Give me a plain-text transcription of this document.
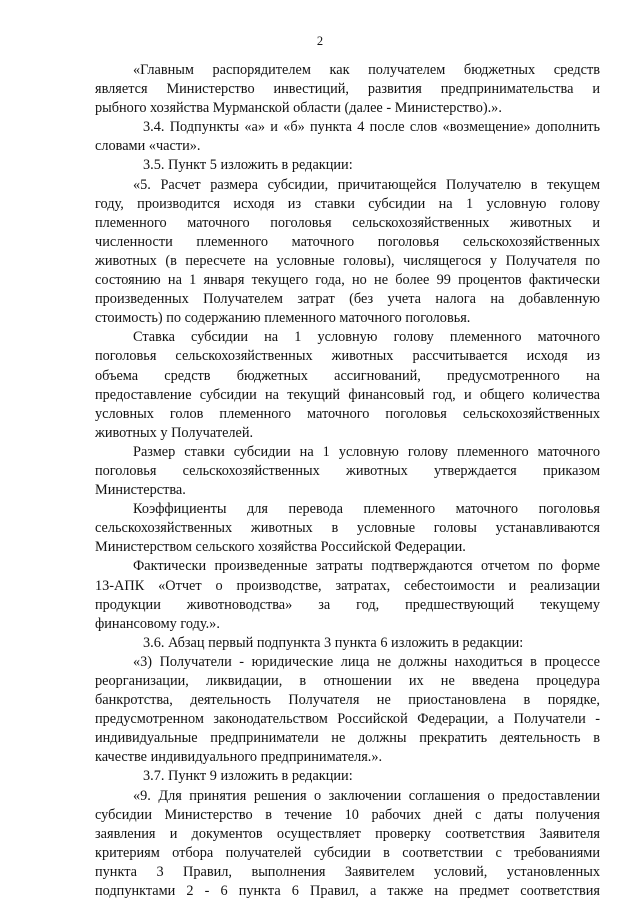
2
«Главным распорядителем как получателем бюджетных средств
является Министерство инвестиций, развития предпринимательства и
рыбного хозяйства Мурманской области (далее - Министерство).».
3.4. Подпункты «а» и «б» пункта 4 после слов «возмещение» дополнить
словами «части».
3.5. Пункт 5 изложить в редакции:
«5. Расчет размера субсидии, причитающейся Получателю в текущем
году, производится исходя из ставки субсидии на 1 условную голову
племенного маточного поголовья сельскохозяйственных животных и
численности племенного маточного поголовья сельскохозяйственных
животных (в пересчете на условные головы), числящегося у Получателя по
состоянию на 1 января текущего года, но не более 99 процентов фактически
произведенных Получателем затрат (без учета налога на добавленную
стоимость) по содержанию племенного маточного поголовья.
Ставка субсидии на 1 условную голову племенного маточного
поголовья сельскохозяйственных животных рассчитывается исходя из
объема средств бюджетных ассигнований, предусмотренного на
предоставление субсидии на текущий финансовый год, и общего количества
условных голов племенного маточного поголовья сельскохозяйственных
животных у Получателей.
Размер ставки субсидии на 1 условную голову племенного маточного
поголовья сельскохозяйственных животных утверждается приказом
Министерства.
Коэффициенты для перевода племенного маточного поголовья
сельскохозяйственных животных в условные головы устанавливаются
Министерством сельского хозяйства Российской Федерации.
Фактически произведенные затраты подтверждаются отчетом по форме
13-АПК «Отчет о производстве, затратах, себестоимости и реализации
продукции животноводства» за год, предшествующий текущему
финансовому году.».
3.6. Абзац первый подпункта 3 пункта 6 изложить в редакции:
«3) Получатели - юридические лица не должны находиться в процессе
реорганизации, ликвидации, в отношении их не введена процедура
банкротства, деятельность Получателя не приостановлена в порядке,
предусмотренном законодательством Российской Федерации, а Получатели -
индивидуальные предприниматели не должны прекратить деятельность в
качестве индивидуального предпринимателя.».
3.7. Пункт 9 изложить в редакции:
«9. Для принятия решения о заключении соглашения о предоставлении
субсидии Министерство в течение 10 рабочих дней с даты получения
заявления и документов осуществляет проверку соответствия Заявителя
критериям отбора получателей субсидии в соответствии с требованиями
пункта 3 Правил, выполнения Заявителем условий, установленных
подпунктами 2 - 6 пункта 6 Правил, а также на предмет соответствия
